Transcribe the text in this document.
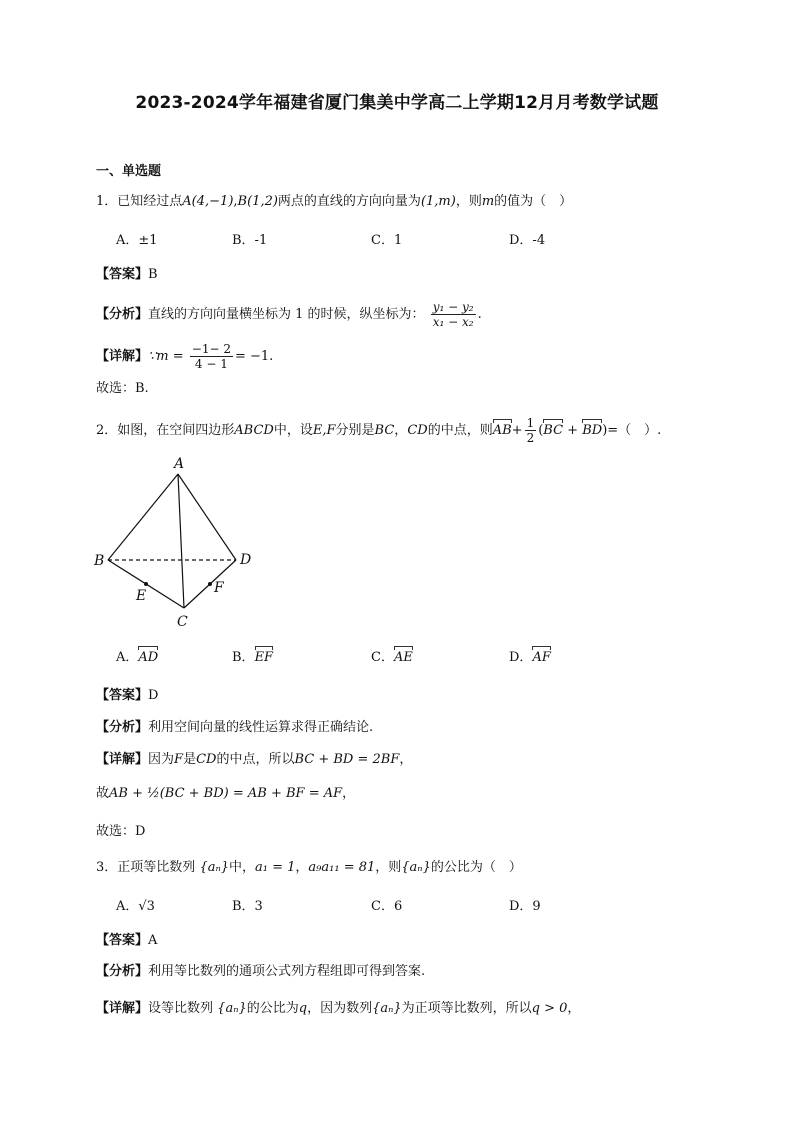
2023-2024学年福建省厦门集美中学高二上学期12月月考数学试题
一、单选题
1．已知经过点A(4,−1),B(1,2)两点的直线的方向向量为(1,m)，则m的值为（　）
A．±1	B．-1	C．1	D．-4
【答案】B
【分析】直线的方向向量横坐标为 1 的时候，纵坐标为： $\frac{\text{y₁ − y₂}}{\text{x₁ − x₂}}$ .
【详解】∵m = $\frac{-1- 2}{4 - 1} = -1$.
故选：B.
2．如图，在空间四边形ABCD中，设E,F分别是BC，CD的中点，则$AB+ \frac{1}{2} (BC + BD)=$（　）.
A
B	D
C
E	F
A．AD	B．EF	C．AE	D．AF
【答案】D
【分析】利用空间向量的线性运算求得正确结论.
【详解】因为F是CD的中点，所以BC + BD = 2BF，
故AB + ½(BC + BD) = AB + BF = AF，
故选：D
3．正项等比数列 {aₙ}中，a₁ = 1，a₉a₁₁ = 81，则{aₙ}的公比为（　）
A．√3	B．3	C．6	D．9
【答案】A
【分析】利用等比数列的通项公式列方程组即可得到答案.
【详解】设等比数列 {aₙ}的公比为q，因为数列{aₙ}为正项等比数列，所以q > 0，
